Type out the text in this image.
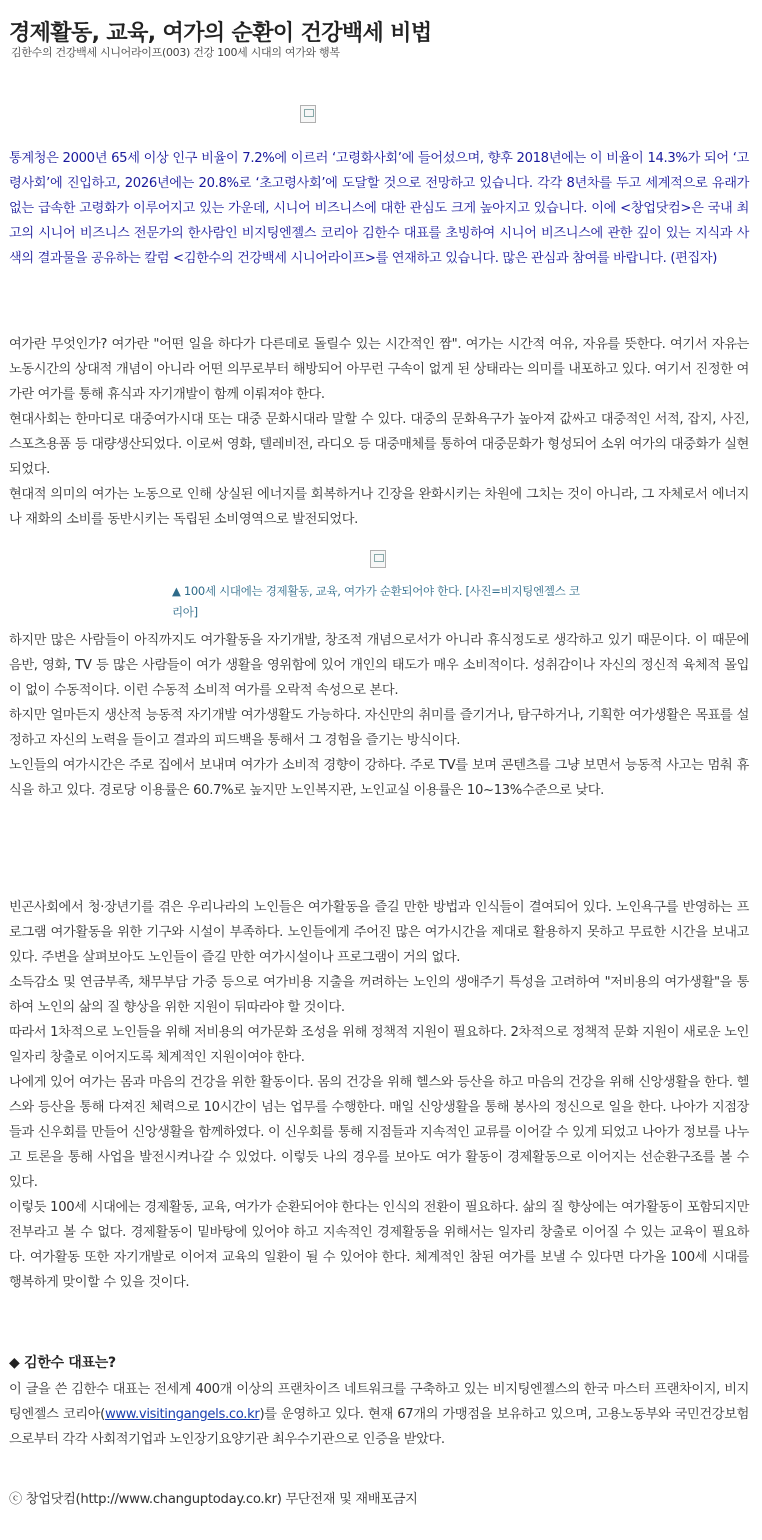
경제활동, 교육, 여가의 순환이 건강백세 비법
김한수의 건강백세 시니어라이프(003) 건강 100세 시대의 여가와 행복
통계청은 2000년 65세 이상 인구 비율이 7.2%에 이르러 ‘고령화사회’에 들어섰으며, 향후 2018년에는 이 비율이 14.3%가 되어 ‘고령사회’에 진입하고, 2026년에는 20.8%로 ‘초고령사회’에 도달할 것으로 전망하고 있습니다. 각각 8년차를 두고 세계적으로 유래가 없는 급속한 고령화가 이루어지고 있는 가운데, 시니어 비즈니스에 대한 관심도 크게 높아지고 있습니다. 이에 <창업닷컴>은 국내 최고의 시니어 비즈니스 전문가의 한사람인 비지팅엔젤스 코리아 김한수 대표를 초빙하여 시니어 비즈니스에 관한 깊이 있는 지식과 사색의 결과물을 공유하는 칼럼 <김한수의 건강백세 시니어라이프>를 연재하고 있습니다. 많은 관심과 참여를 바랍니다. (편집자)

여가란 무엇인가? 여가란 "어떤 일을 하다가 다른데로 돌릴수 있는 시간적인 짬". 여가는 시간적 여유, 자유를 뜻한다. 여기서 자유는 노동시간의 상대적 개념이 아니라 어떤 의무로부터 해방되어 아무런 구속이 없게 된 상태라는 의미를 내포하고 있다. 여기서 진정한 여가란 여가를 통해 휴식과 자기개발이 함께 이뤄져야 한다.

현대사회는 한마디로 대중여가시대 또는 대중 문화시대라 말할 수 있다. 대중의 문화욕구가 높아져 값싸고 대중적인 서적, 잡지, 사진, 스포츠용품 등 대량생산되었다. 이로써 영화, 텔레비전, 라디오 등 대중매체를 통하여 대중문화가 형성되어 소위 여가의 대중화가 실현되었다.

현대적 의미의 여가는 노동으로 인해 상실된 에너지를 회복하거나 긴장을 완화시키는 차원에 그치는 것이 아니라, 그 자체로서 에너지나 재화의 소비를 동반시키는 독립된 소비영역으로 발전되었다.

▲ 100세 시대에는 경제활동, 교육, 여가가 순환되어야 한다. [사진=비지팅엔젤스 코리아]

하지만 많은 사람들이 아직까지도 여가활동을 자기개발, 창조적 개념으로서가 아니라 휴식정도로 생각하고 있기 때문이다. 이 때문에 음반, 영화, TV 등 많은 사람들이 여가 생활을 영위함에 있어 개인의 태도가 매우 소비적이다. 성취감이나 자신의 정신적 육체적 몰입이 없이 수동적이다. 이런 수동적 소비적 여가를 오락적 속성으로 본다.

하지만 얼마든지 생산적 능동적 자기개발 여가생활도 가능하다. 자신만의 취미를 즐기거나, 탐구하거나, 기획한 여가생활은 목표를 설정하고 자신의 노력을 들이고 결과의 피드백을 통해서 그 경험을 즐기는 방식이다.

노인들의 여가시간은 주로 집에서 보내며 여가가 소비적 경향이 강하다. 주로 TV를 보며 콘텐츠를 그냥 보면서 능동적 사고는 멈춰 휴식을 하고 있다. 경로당 이용률은 60.7%로 높지만 노인복지관, 노인교실 이용률은 10~13%수준으로 낮다.

빈곤사회에서 청·장년기를 겪은 우리나라의 노인들은 여가활동을 즐길 만한 방법과 인식들이 결여되어 있다. 노인욕구를 반영하는 프로그램 여가활동을 위한 기구와 시설이 부족하다. 노인들에게 주어진 많은 여가시간을 제대로 활용하지 못하고 무료한 시간을 보내고 있다. 주변을 살펴보아도 노인들이 즐길 만한 여가시설이나 프로그램이 거의 없다.

소득감소 및 연금부족, 채무부담 가중 등으로 여가비용 지출을 꺼려하는 노인의 생애주기 특성을 고려하여 "저비용의 여가생활"을 통하여 노인의 삶의 질 향상을 위한 지원이 뒤따라야 할 것이다.

따라서 1차적으로 노인들을 위해 저비용의 여가문화 조성을 위해 정책적 지원이 필요하다. 2차적으로 정책적 문화 지원이 새로운 노인 일자리 창출로 이어지도록 체계적인 지원이여야 한다.

나에게 있어 여가는 몸과 마음의 건강을 위한 활동이다. 몸의 건강을 위해 헬스와 등산을 하고 마음의 건강을 위해 신앙생활을 한다. 헬스와 등산을 통해 다져진 체력으로 10시간이 넘는 업무를 수행한다. 매일 신앙생활을 통해 봉사의 정신으로 일을 한다. 나아가 지점장들과 신우회를 만들어 신앙생활을 함께하였다. 이 신우회를 통해 지점들과 지속적인 교류를 이어갈 수 있게 되었고 나아가 정보를 나누고 토론을 통해 사업을 발전시켜나갈 수 있었다. 이렇듯 나의 경우를 보아도 여가 활동이 경제활동으로 이어지는 선순환구조를 볼 수 있다.

이렇듯 100세 시대에는 경제활동, 교육, 여가가 순환되어야 한다는 인식의 전환이 필요하다. 삶의 질 향상에는 여가활동이 포함되지만 전부라고 볼 수 없다. 경제활동이 밑바탕에 있어야 하고 지속적인 경제활동을 위해서는 일자리 창출로 이어질 수 있는 교육이 필요하다. 여가활동 또한 자기개발로 이어져 교육의 일환이 될 수 있어야 한다. 체계적인 참된 여가를 보낼 수 있다면 다가올 100세 시대를 행복하게 맞이할 수 있을 것이다.

◆ 김한수 대표는?

이 글을 쓴 김한수 대표는 전세계 400개 이상의 프랜차이즈 네트워크를 구축하고 있는 비지팅엔젤스의 한국 마스터 프랜차이지, 비지팅엔젤스 코리아(www.visitingangels.co.kr)를 운영하고 있다. 현재 67개의 가맹점을 보유하고 있으며, 고용노동부와 국민건강보험으로부터 각각 사회적기업과 노인장기요양기관 최우수기관으로 인증을 받았다.

ⓒ 창업닷컴(http://www.changuptoday.co.kr) 무단전재 및 재배포금지
